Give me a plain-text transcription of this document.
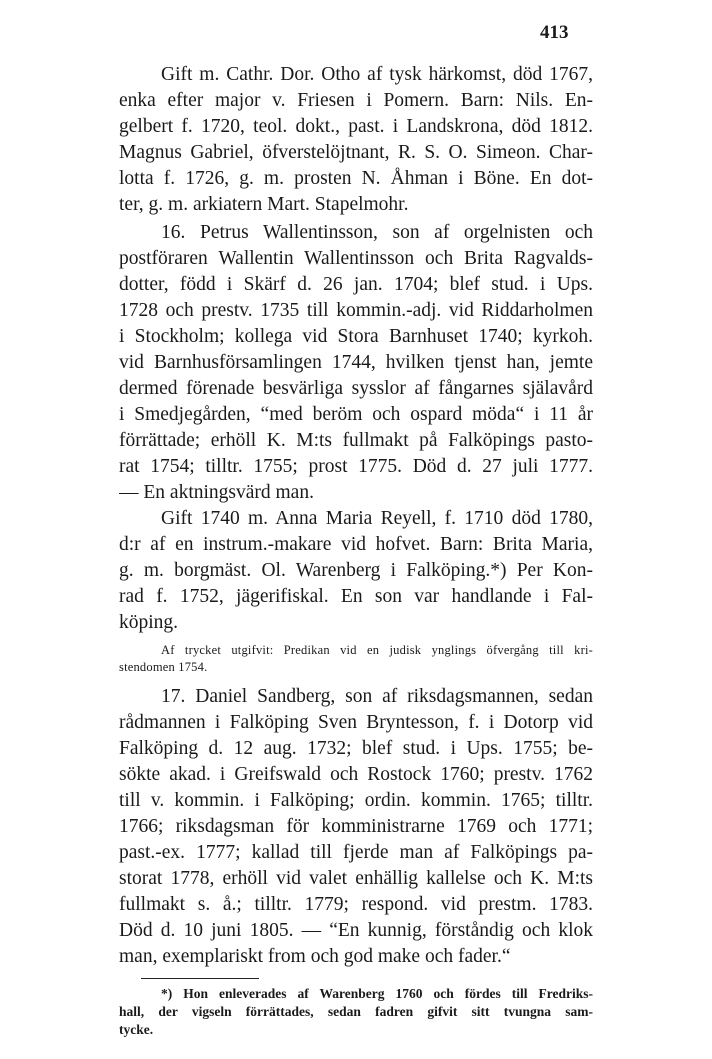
413
Gift m. Cathr. Dor. Otho af tysk härkomst, död 1767,
enka efter major v. Friesen i Pomern. Barn: Nils. En-
gelbert f. 1720, teol. dokt., past. i Landskrona, död 1812.
Magnus Gabriel, öfverstelöjtnant, R. S. O. Simeon. Char-
lotta f. 1726, g. m. prosten N. Åhman i Böne. En dot-
ter, g. m. arkiatern Mart. Stapelmohr.
16. Petrus Wallentinsson, son af orgelnisten och
postföraren Wallentin Wallentinsson och Brita Ragvalds-
dotter, född i Skärf d. 26 jan. 1704; blef stud. i Ups.
1728 och prestv. 1735 till kommin.-adj. vid Riddarholmen
i Stockholm; kollega vid Stora Barnhuset 1740; kyrkoh.
vid Barnhusförsamlingen 1744, hvilken tjenst han, jemte
dermed förenade besvärliga sysslor af fångarnes själavård
i Smedjegården, “med beröm och ospard möda“ i 11 år
förrättade; erhöll K. M:ts fullmakt på Falköpings pasto-
rat 1754; tilltr. 1755; prost 1775. Död d. 27 juli 1777.
— En aktningsvärd man.
Gift 1740 m. Anna Maria Reyell, f. 1710 död 1780,
d:r af en instrum.-makare vid hofvet. Barn: Brita Maria,
g. m. borgmäst. Ol. Warenberg i Falköping.*) Per Kon-
rad f. 1752, jägerifiskal. En son var handlande i Fal-
köping.
Af trycket utgifvit: Predikan vid en judisk ynglings öfvergång till kri-
stendomen 1754.
17. Daniel Sandberg, son af riksdagsmannen, sedan
rådmannen i Falköping Sven Bryntesson, f. i Dotorp vid
Falköping d. 12 aug. 1732; blef stud. i Ups. 1755; be-
sökte akad. i Greifswald och Rostock 1760; prestv. 1762
till v. kommin. i Falköping; ordin. kommin. 1765; tilltr.
1766; riksdagsman för komministrarne 1769 och 1771;
past.-ex. 1777; kallad till fjerde man af Falköpings pa-
storat 1778, erhöll vid valet enhällig kallelse och K. M:ts
fullmakt s. å.; tilltr. 1779; respond. vid prestm. 1783.
Död d. 10 juni 1805. — “En kunnig, förståndig och klok
man, exemplariskt from och god make och fader.“
*) Hon enleverades af Warenberg 1760 och fördes till Fredriks-
hall, der vigseln förrättades, sedan fadren gifvit sitt tvungna sam-
tycke.
